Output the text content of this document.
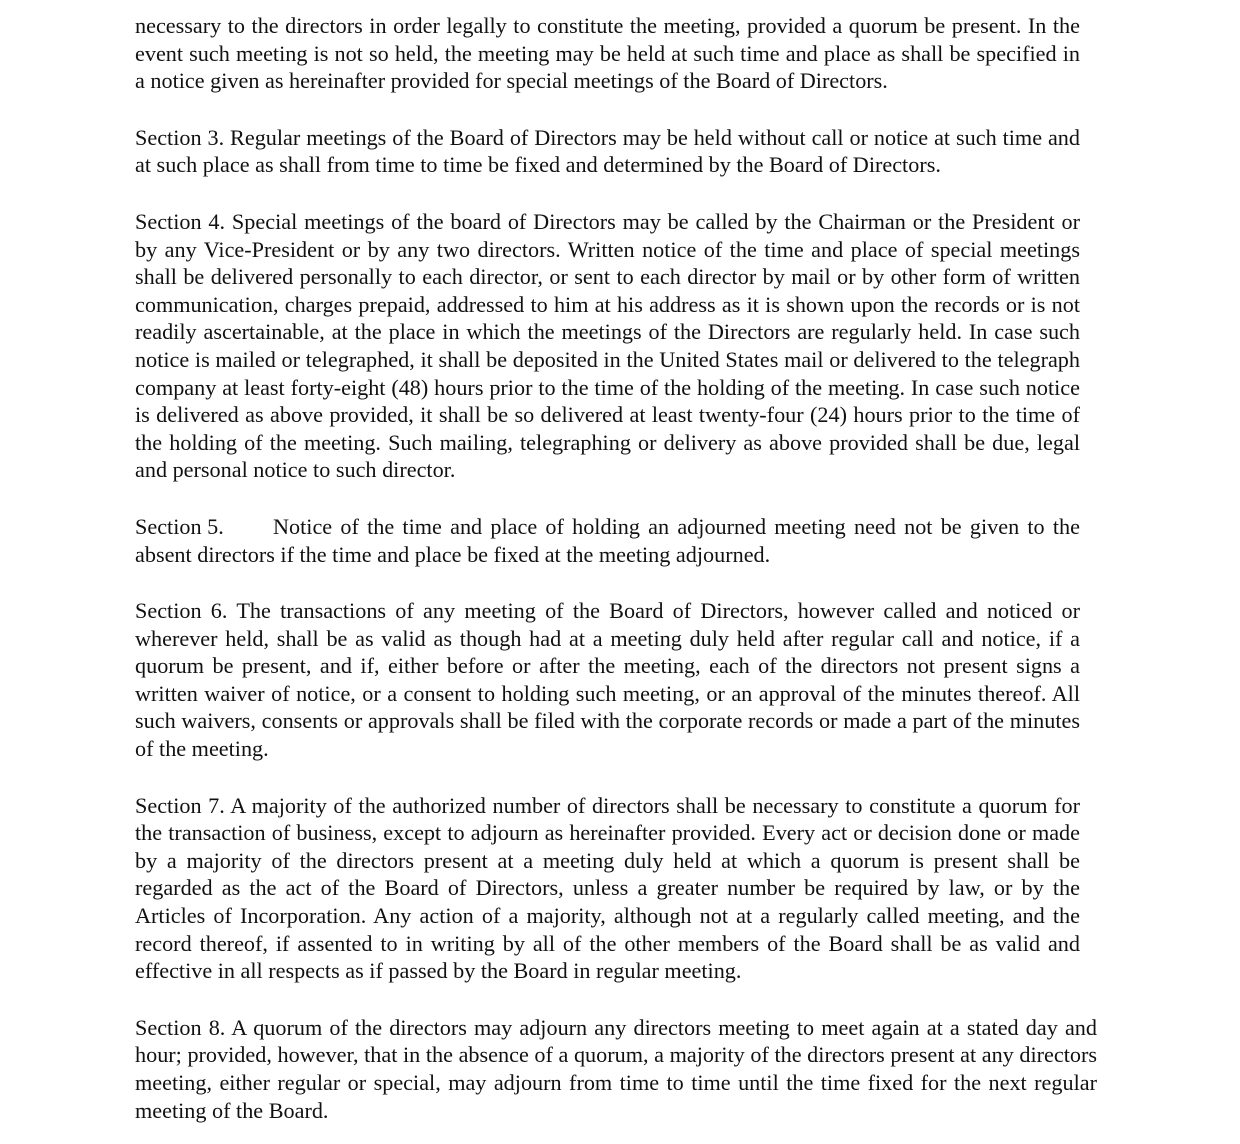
necessary to the directors in order legally to constitute the meeting, provided a quorum be present. In the event such meeting is not so held, the meeting may be held at such time and place as shall be specified in a notice given as hereinafter provided for special meetings of the Board of Directors.

Section 3. Regular meetings of the Board of Directors may be held without call or notice at such time and at such place as shall from time to time be fixed and determined by the Board of Directors.

Section 4. Special meetings of the board of Directors may be called by the Chairman or the President or by any Vice-President or by any two directors. Written notice of the time and place of special meetings shall be delivered personally to each director, or sent to each director by mail or by other form of written communication, charges prepaid, addressed to him at his address as it is shown upon the records or is not readily ascertainable, at the place in which the meetings of the Directors are regularly held. In case such notice is mailed or telegraphed, it shall be deposited in the United States mail or delivered to the telegraph company at least forty-eight (48) hours prior to the time of the holding of the meeting. In case such notice is delivered as above provided, it shall be so delivered at least twenty-four (24) hours prior to the time of the holding of the meeting. Such mailing, telegraphing or delivery as above provided shall be due, legal and personal notice to such director.

Section 5. Notice of the time and place of holding an adjourned meeting need not be given to the absent directors if the time and place be fixed at the meeting adjourned.

Section 6. The transactions of any meeting of the Board of Directors, however called and noticed or wherever held, shall be as valid as though had at a meeting duly held after regular call and notice, if a quorum be present, and if, either before or after the meeting, each of the directors not present signs a written waiver of notice, or a consent to holding such meeting, or an approval of the minutes thereof. All such waivers, consents or approvals shall be filed with the corporate records or made a part of the minutes of the meeting.

Section 7. A majority of the authorized number of directors shall be necessary to constitute a quorum for the transaction of business, except to adjourn as hereinafter provided. Every act or decision done or made by a majority of the directors present at a meeting duly held at which a quorum is present shall be regarded as the act of the Board of Directors, unless a greater number be required by law, or by the Articles of Incorporation. Any action of a majority, although not at a regularly called meeting, and the record thereof, if assented to in writing by all of the other members of the Board shall be as valid and effective in all respects as if passed by the Board in regular meeting.

Section 8. A quorum of the directors may adjourn any directors meeting to meet again at a stated day and hour; provided, however, that in the absence of a quorum, a majority of the directors present at any directors meeting, either regular or special, may adjourn from time to time until the time fixed for the next regular meeting of the Board.
